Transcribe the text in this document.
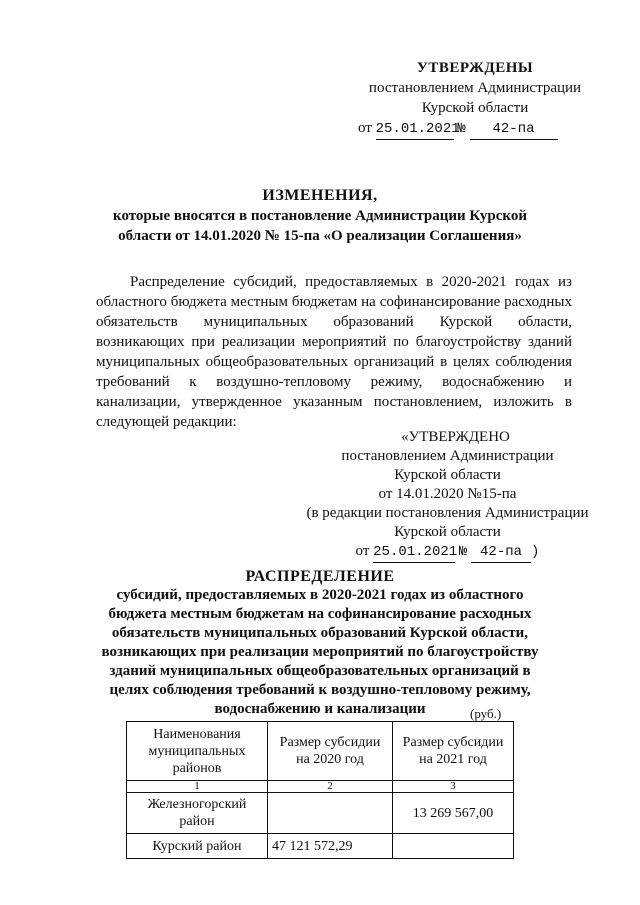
УТВЕРЖДЕНЫ
постановлением Администрации
Курской области
от 25.01.2021 № 42-па
ИЗМЕНЕНИЯ,
которые вносятся в постановление Администрации Курской
области от 14.01.2020 № 15-па «О реализации Соглашения»
Распределение субсидий, предоставляемых в 2020-2021 годах из областного бюджета местным бюджетам на софинансирование расходных обязательств муниципальных образований Курской области, возникающих при реализации мероприятий по благоустройству зданий муниципальных общеобразовательных организаций в целях соблюдения требований к воздушно-тепловому режиму, водоснабжению и канализации, утвержденное указанным постановлением, изложить в следующей редакции:
«УТВЕРЖДЕНО
постановлением Администрации
Курской области
от 14.01.2020 №15-па
(в редакции постановления Администрации
Курской области
от 25.01.2021 № 42-па )
РАСПРЕДЕЛЕНИЕ
субсидий, предоставляемых в 2020-2021 годах из областного
бюджета местным бюджетам на софинансирование расходных
обязательств муниципальных образований Курской области,
возникающих при реализации мероприятий по благоустройству
зданий муниципальных общеобразовательных организаций в
целях соблюдения требований к воздушно-тепловому режиму,
водоснабжению и канализации	(руб.)
Наименования муниципальных районов	Размер субсидии на 2020 год	Размер субсидии на 2021 год
1	2	3
Железногорский район		13 269 567,00
Курский район	47 121 572,29	
